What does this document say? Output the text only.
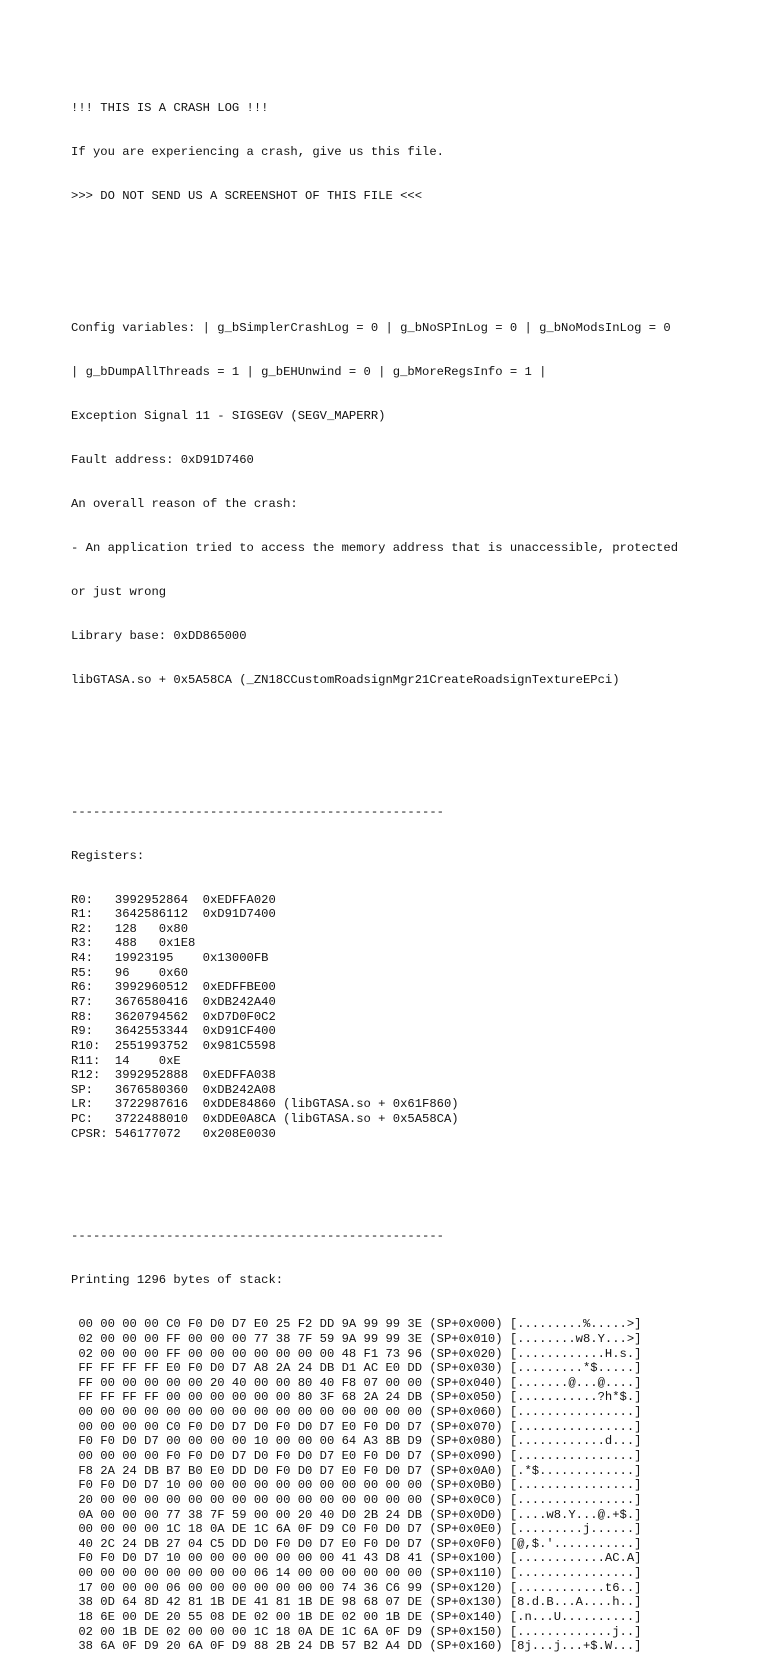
!!! THIS IS A CRASH LOG !!!

If you are experiencing a crash, give us this file.

>>> DO NOT SEND US A SCREENSHOT OF THIS FILE <<<

Config variables: | g_bSimplerCrashLog = 0 | g_bNoSPInLog = 0 | g_bNoModsInLog = 0

| g_bDumpAllThreads = 1 | g_bEHUnwind = 0 | g_bMoreRegsInfo = 1 |

Exception Signal 11 - SIGSEGV (SEGV_MAPERR)

Fault address: 0xD91D7460

An overall reason of the crash:

- An application tried to access the memory address that is unaccessible, protected

or just wrong

Library base: 0xDD865000

libGTASA.so + 0x5A58CA (_ZN18CCustomRoadsignMgr21CreateRoadsignTextureEPci)

---------------------------------------------------

Registers:

R0:   3992952864  0xEDFFA020
R1:   3642586112  0xD91D7400
R2:   128   0x80
R3:   488   0x1E8
R4:   19923195    0x13000FB
R5:   96    0x60
R6:   3992960512  0xEDFFBE00
R7:   3676580416  0xDB242A40
R8:   3620794562  0xD7D0F0C2
R9:   3642553344  0xD91CF400
R10:  2551993752  0x981C5598
R11:  14    0xE
R12:  3992952888  0xEDFFA038
SP:   3676580360  0xDB242A08
LR:   3722987616  0xDDE84860 (libGTASA.so + 0x61F860)
PC:   3722488010  0xDDE0A8CA (libGTASA.so + 0x5A58CA)
CPSR: 546177072   0x208E0030

---------------------------------------------------

Printing 1296 bytes of stack:

00 00 00 00 C0 F0 D0 D7 E0 25 F2 DD 9A 99 99 3E (SP+0x000) [.........%.....>]
02 00 00 00 FF 00 00 00 77 38 7F 59 9A 99 99 3E (SP+0x010) [........w8.Y...>]
02 00 00 00 FF 00 00 00 00 00 00 00 48 F1 73 96 (SP+0x020) [............H.s.]
FF FF FF FF E0 F0 D0 D7 A8 2A 24 DB D1 AC E0 DD (SP+0x030) [.........*$.....]
FF 00 00 00 00 00 20 40 00 00 80 40 F8 07 00 00 (SP+0x040) [.......@...@....]
FF FF FF FF 00 00 00 00 00 00 80 3F 68 2A 24 DB (SP+0x050) [...........?h*$.]
00 00 00 00 00 00 00 00 00 00 00 00 00 00 00 00 (SP+0x060) [................]
00 00 00 00 C0 F0 D0 D7 D0 F0 D0 D7 E0 F0 D0 D7 (SP+0x070) [................]
F0 F0 D0 D7 00 00 00 00 10 00 00 00 64 A3 8B D9 (SP+0x080) [............d...]
00 00 00 00 F0 F0 D0 D7 D0 F0 D0 D7 E0 F0 D0 D7 (SP+0x090) [................]
F8 2A 24 DB B7 B0 E0 DD D0 F0 D0 D7 E0 F0 D0 D7 (SP+0x0A0) [.*$.............]
F0 F0 D0 D7 10 00 00 00 00 00 00 00 00 00 00 00 (SP+0x0B0) [................]
20 00 00 00 00 00 00 00 00 00 00 00 00 00 00 00 (SP+0x0C0) [................]
0A 00 00 00 77 38 7F 59 00 00 20 40 D0 2B 24 DB (SP+0x0D0) [....w8.Y...@.+$.]
00 00 00 00 1C 18 0A DE 1C 6A 0F D9 C0 F0 D0 D7 (SP+0x0E0) [.........j......]
40 2C 24 DB 27 04 C5 DD D0 F0 D0 D7 E0 F0 D0 D7 (SP+0x0F0) [@,$.'...........]
F0 F0 D0 D7 10 00 00 00 00 00 00 00 41 43 D8 41 (SP+0x100) [............AC.A]
00 00 00 00 00 00 00 00 06 14 00 00 00 00 00 00 (SP+0x110) [................]
17 00 00 00 06 00 00 00 00 00 00 00 74 36 C6 99 (SP+0x120) [............t6..]
38 0D 64 8D 42 81 1B DE 41 81 1B DE 98 68 07 DE (SP+0x130) [8.d.B...A....h..]
18 6E 00 DE 20 55 08 DE 02 00 1B DE 02 00 1B DE (SP+0x140) [.n...U..........]
02 00 1B DE 02 00 00 00 1C 18 0A DE 1C 6A 0F D9 (SP+0x150) [.............j..]
38 6A 0F D9 20 6A 0F D9 88 2B 24 DB 57 B2 A4 DD (SP+0x160) [8j...j...+$.W...]
